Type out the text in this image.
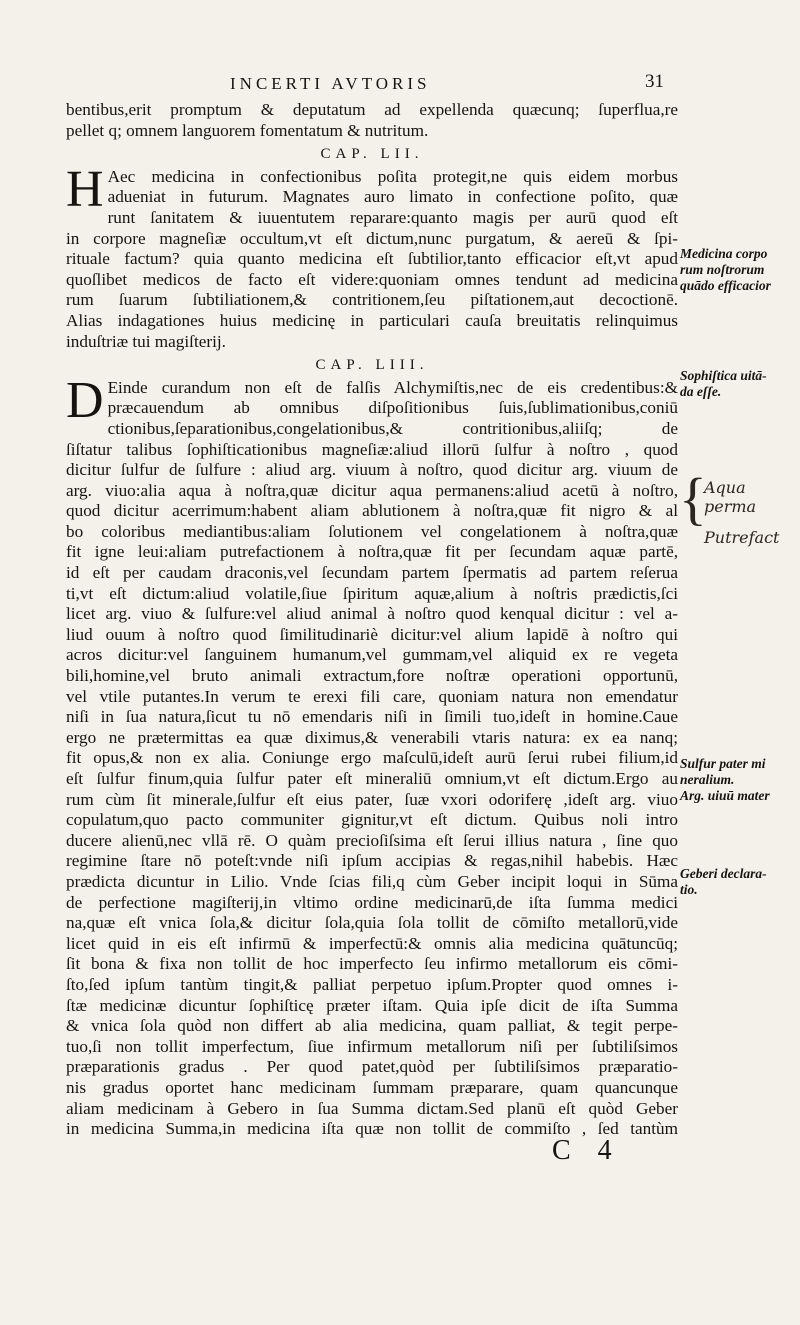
INCERTI AVTORIS	31
bentibus,erit promptum & deputatum ad expellenda quæcunq; ſuperflua,re
pellet q; omnem languorem fomentatum & nutritum.
CAP. LII.
H Aec medicina in confectionibus poſita protegit,ne quis eidem morbus
adueniat in futurum. Magnates auro limato in confectione poſito, quæ
runt ſanitatem & iuuentutem reparare:quanto magis per aurū quod eſt
in corpore magneſiæ occultum,vt eſt dictum,nunc purgatum, & aereū & ſpi-
rituale factum? quia quanto medicina eſt ſubtilior,tanto efficacior eſt,vt apud
quoſlibet medicos de facto eſt videre:quoniam omnes tendunt ad medicina
rum ſuarum ſubtiliationem,& contritionem,ſeu piſtationem,aut decoctionē.
Alias indagationes huius medicinę in particulari cauſa breuitatis relinquimus
induſtriæ tui magiſterij.
CAP. LIII.
D Einde curandum non eſt de falſis Alchymiſtis,nec de eis credentibus:&
præcauendum ab omnibus diſpoſitionibus ſuis,ſublimationibus,coniū
ctionibus,ſeparationibus,congelationibus,& contritionibus,aliiſq; de
ſiſtatur talibus ſophiſticationibus magneſiæ:aliud illorū ſulfur à noſtro , quod
dicitur ſulfur de ſulfure : aliud arg. viuum à noſtro, quod dicitur arg. viuum de
arg. viuo:alia aqua à noſtra,quæ dicitur aqua permanens:aliud acetū à noſtro,
quod dicitur acerrimum:habent aliam ablutionem à noſtra,quæ fit nigro & al
bo coloribus mediantibus:aliam ſolutionem vel congelationem à noſtra,quæ
fit igne leui:aliam putrefactionem à noſtra,quæ fit per ſecundam aquæ partē,
id eſt per caudam draconis,vel ſecundam partem ſpermatis ad partem reſerua
ti,vt eſt dictum:aliud volatile,ſiue ſpiritum aquæ,alium à noſtris prædictis,ſci
licet arg. viuo & ſulfure:vel aliud animal à noſtro quod kenqual dicitur : vel a-
liud ouum à noſtro quod ſimilitudinariè dicitur:vel alium lapidē à noſtro qui
acros dicitur:vel ſanguinem humanum,vel gummam,vel aliquid ex re vegeta
bili,homine,vel bruto animali extractum,fore noſtræ operationi opportunū,
vel vtile putantes.In verum te erexi fili care, quoniam natura non emendatur
niſi in ſua natura,ſicut tu nō emendaris niſi in ſimili tuo,ideſt in homine.Caue
ergo ne prætermittas ea quæ diximus,& venerabili vtaris natura: ex ea nanq;
fit opus,& non ex alia. Coniunge ergo maſculū,ideſt aurū ſerui rubei filium,id
eſt ſulfur finum,quia ſulfur pater eſt mineraliū omnium,vt eſt dictum.Ergo au
rum cùm ſit minerale,ſulfur eſt eius pater, ſuæ vxori odoriferę ,ideſt arg. viuo
copulatum,quo pacto communiter gignitur,vt eſt dictum. Quibus noli intro
ducere alienū,nec vllā rē. O quàm precioſiſsima eſt ſerui illius natura , ſine quo
regimine ſtare nō poteſt:vnde niſi ipſum accipias & regas,nihil habebis. Hæc
prædicta dicuntur in Lilio. Vnde ſcias fili,q cùm Geber incipit loqui in Sūma
de perfectione magiſterij,in vltimo ordine medicinarū,de iſta ſumma medici
na,quæ eſt vnica ſola,& dicitur ſola,quia ſola tollit de cōmiſto metallorū,vide
licet quid in eis eſt infirmū & imperfectū:& omnis alia medicina quātuncūq;
ſit bona & fixa non tollit de hoc imperfecto ſeu infirmo metallorum eis cōmi-
ſto,ſed ipſum tantùm tingit,& palliat perpetuo ipſum.Propter quod omnes i-
ſtæ medicinæ dicuntur ſophiſticę præter iſtam. Quia ipſe dicit de iſta Summa
& vnica ſola quòd non differt ab alia medicina, quam palliat, & tegit perpe-
tuo,ſi non tollit imperfectum, ſiue infirmum metallorum niſi per ſubtiliſsimos
præparationis gradus . Per quod patet,quòd per ſubtiliſsimos præparatio-
nis gradus oportet hanc medicinam ſummam præparare, quam quancunque
aliam medicinam à Gebero in ſua Summa dictam.Sed planū eſt quòd Geber
in medicina Summa,in medicina iſta quæ non tollit de commiſto , ſed tantùm
Medicina corpo
rum noſtrorum
quādo efficacior
Sophiſtica uitā-
da eſſe.
{
Aqua perma
Putrefact
Sulfur pater mi
neralium.
Arg. uiuū mater
Geberi declara-
tio.
C 4
